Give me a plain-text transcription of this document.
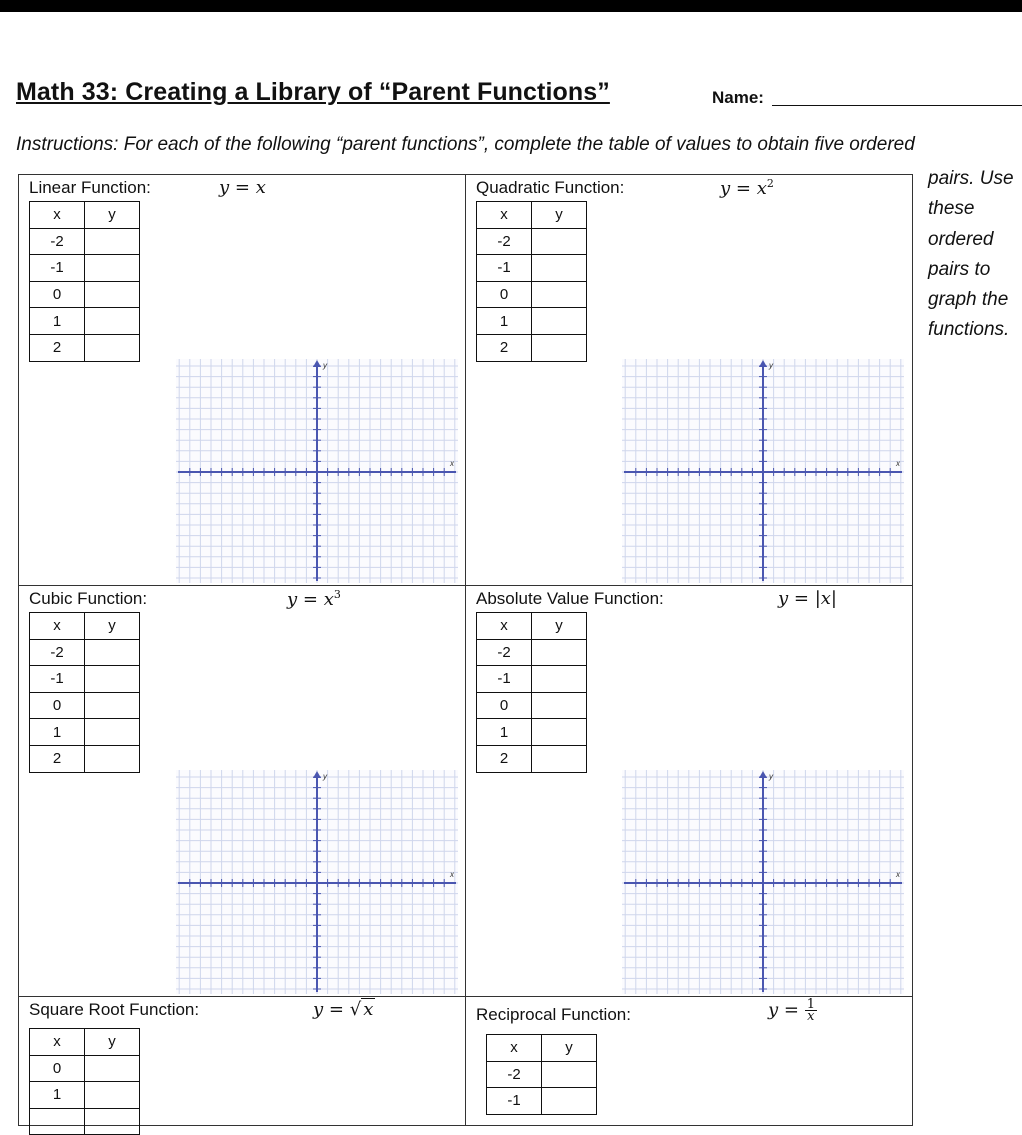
Math 33: Creating a Library of “Parent Functions”	Name:
Instructions: For each of the following “parent functions”, complete the table of values to obtain five ordered
pairs. Use
these
ordered
pairs to
graph the
functions.
Linear Function:	y = x
x	y
-2	
-1	
0	
1	
2	
x
y
Quadratic Function:	$y = x^2$
x	y
-2	
-1	
0	
1	
2	
x
y
Cubic Function:	$y = x^3$
x	y
-2	
-1	
0	
1	
2	
x
y
Absolute Value Function:	y = |x|
x	y
-2	
-1	
0	
1	
2	
x
y
Square Root Function:	y = √ x
x	y
0	
1	

Reciprocal Function:	$y = \frac{1}{x}$
x	y
-2	
-1	
